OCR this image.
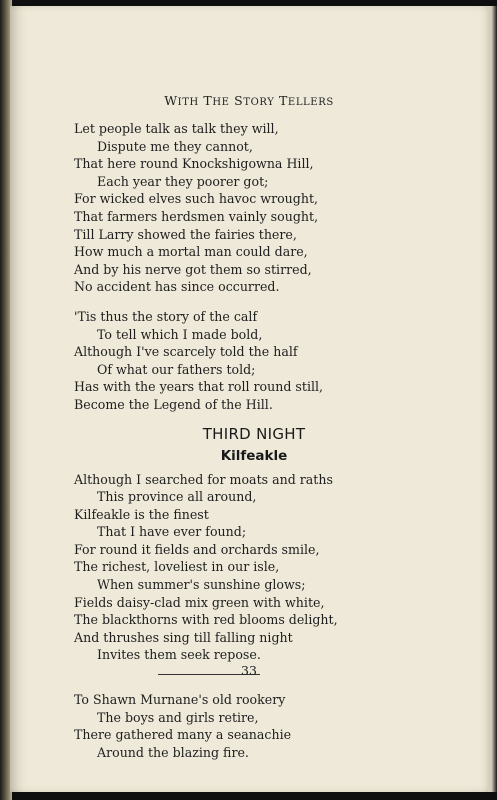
WITH THE STORY TELLERS
Let people talk as talk they will,
Dispute me they cannot,
That here round Knockshigowna Hill,
Each year they poorer got;
For wicked elves such havoc wrought,
That farmers herdsmen vainly sought,
Till Larry showed the fairies there,
How much a mortal man could dare,
And by his nerve got them so stirred,
No accident has since occurred.
'Tis thus the story of the calf
To tell which I made bold,
Although I've scarcely told the half
Of what our fathers told;
Has with the years that roll round still,
Become the Legend of the Hill.
THIRD NIGHT
Kilfeakle
Although I searched for moats and raths
This province all around,
Kilfeakle is the finest
That I have ever found;
For round it fields and orchards smile,
The richest, loveliest in our isle,
When summer's sunshine glows;
Fields daisy-clad mix green with white,
The blackthorns with red blooms delight,
And thrushes sing till falling night
Invites them seek repose.
To Shawn Murnane's old rookery
The boys and girls retire,
There gathered many a seanachie
Around the blazing fire.
33
